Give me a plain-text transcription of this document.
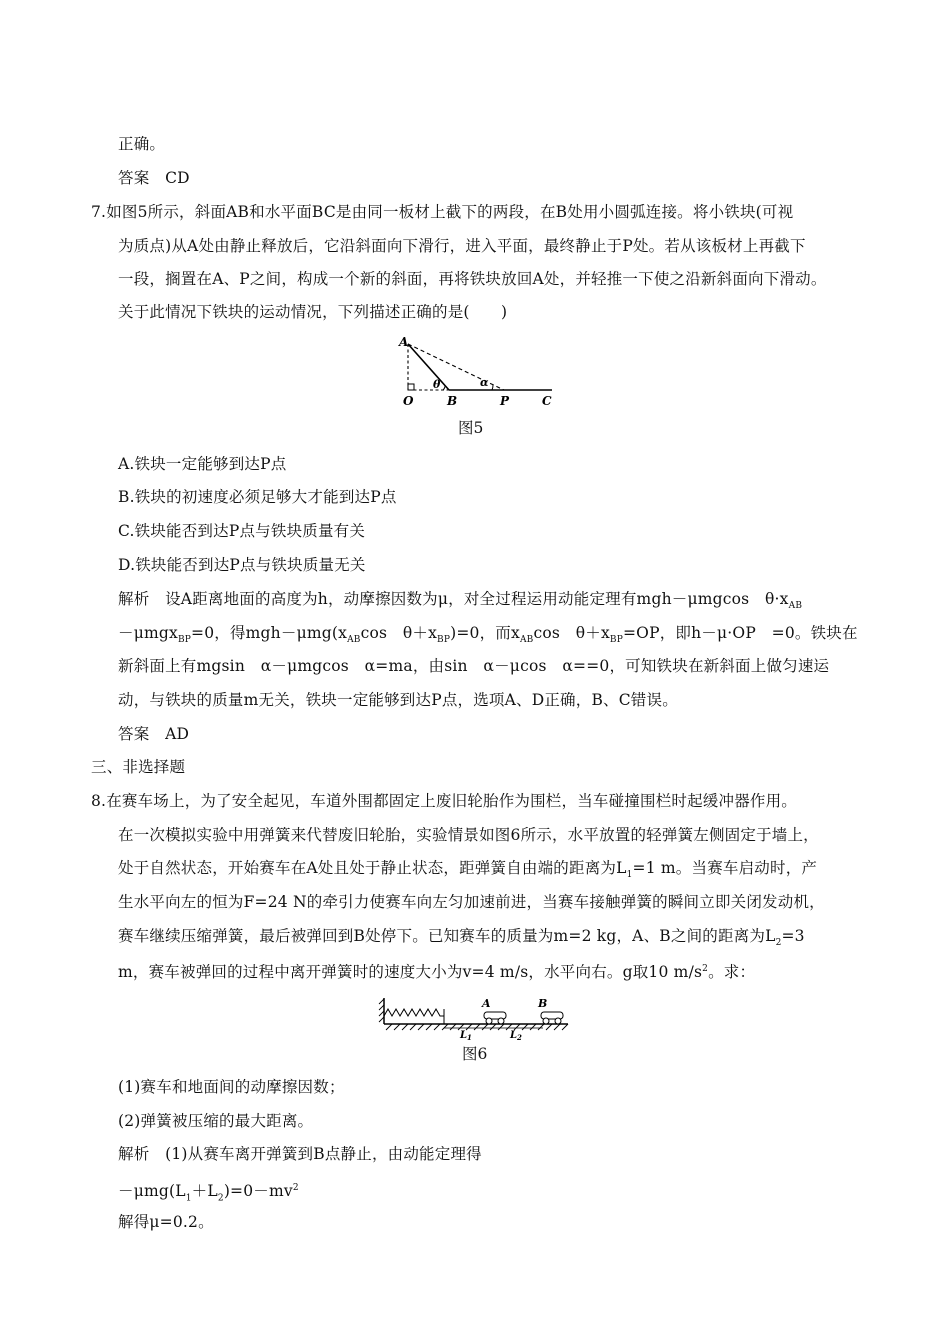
正确。
答案　CD
7.如图5所示，斜面AB和水平面BC是由同一板材上截下的两段，在B处用小圆弧连接。将小铁块(可视
为质点)从A处由静止释放后，它沿斜面向下滑行，进入平面，最终静止于P处。若从该板材上再截下
一段，搁置在A、P之间，构成一个新的斜面，再将铁块放回A处，并轻推一下使之沿新斜面向下滑动。
关于此情况下铁块的运动情况，下列描述正确的是(　　)
A
O	B	P	C
θ	α
图5
A.铁块一定能够到达P点
B.铁块的初速度必须足够大才能到达P点
C.铁块能否到达P点与铁块质量有关
D.铁块能否到达P点与铁块质量无关
解析　设A距离地面的高度为h，动摩擦因数为μ，对全过程运用动能定理有mgh－μmgcos　$\theta\cdot x_{AB}$
－μmgx$_{BP}$=0，得$mgh-\mu mg(x_{AB}\cos$　$\theta+x_{BP})=0$，而$x_{AB}\cos$　$\theta+x_{BP}=OP$，即h－μ·OP　=0。铁块在
新斜面上有mgsin　α－μmgcos　α=ma，由sin　α－μcos　α==0，可知铁块在新斜面上做匀速运
动，与铁块的质量m无关，铁块一定能够到达P点，选项A、D正确，B、C错误。
答案　AD
三、非选择题
8.在赛车场上，为了安全起见，车道外围都固定上废旧轮胎作为围栏，当车碰撞围栏时起缓冲器作用。
在一次模拟实验中用弹簧来代替废旧轮胎，实验情景如图6所示，水平放置的轻弹簧左侧固定于墙上，
处于自然状态，开始赛车在A处且处于静止状态，距弹簧自由端的距离为$L_1=1$ m。当赛车启动时，产
生水平向左的恒为F=24 N的牵引力使赛车向左匀加速前进，当赛车接触弹簧的瞬间立即关闭发动机，
赛车继续压缩弹簧，最后被弹回到B处停下。已知赛车的质量为m=2 kg，A、B之间的距离为$L_2=3$
m，赛车被弹回的过程中离开弹簧时的速度大小为v=4 m/s，水平向右。g取10 $m/s^2$。求：
A	B
$L_1$	$L_2$
图6
(1)赛车和地面间的动摩擦因数；
(2)弹簧被压缩的最大距离。
解析　(1)从赛车离开弹簧到B点静止，由动能定理得
$-\mu mg(L_1+L_2)=0-mv^2$
解得μ=0.2。
